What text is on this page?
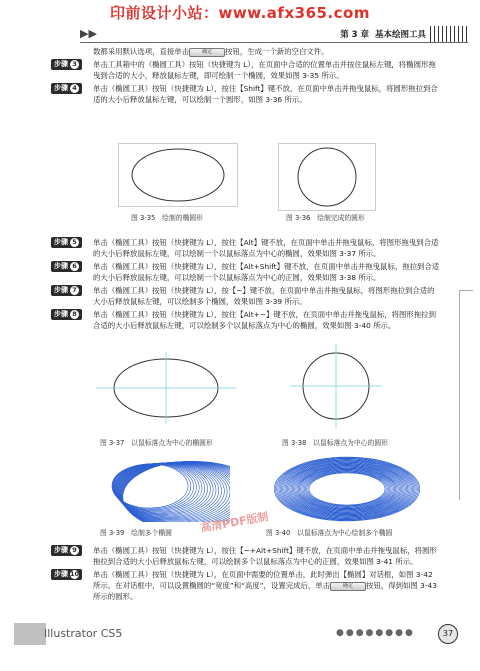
印前设计小站：www.afx365.com
▶▶	第 3 章 基本绘图工具

数都采用默认选项，直接单击	确定 按钮，生成一个新的空白文件。

步骤 3	单击工具箱中的（椭圆工具）按钮（快捷键为 L），在页面中合适的位置单击并按住鼠标左键，将椭圆形拖曳到合适的大小，释放鼠标左键，即可绘制一个椭圆，效果如图 3-35 所示。
步骤 4	单击（椭圆工具）按钮（快捷键为 L），按住【Shift】键不放，在页面中单击并拖曳鼠标，将圆形拖拉到合适的大小后释放鼠标左键，可以绘制一个圆形，如图 3-36 所示。
图 3-35　绘制的椭圆形	图 3-36　绘制完成的圆形
步骤 5	单击（椭圆工具）按钮（快捷键为 L），按住【Alt】键不放，在页面中单击并拖曳鼠标，将图形拖曳到合适的大小后释放鼠标左键，可以绘制一个以鼠标落点为中心的椭圆，效果如图 3-37 所示。
步骤 6	单击（椭圆工具）按钮（快捷键为 L），按住【Alt+Shift】键不放，在页面中单击并拖曳鼠标，拖拉到合适的大小后释放鼠标左键，可以绘制一个以鼠标落点为中心的正圆，效果如图 3-38 所示。
步骤 7	单击（椭圆工具）按钮（快捷键为 L），按【~】键不放，在页面中单击并拖曳鼠标，将图形拖拉到合适的大小后释放鼠标左键，可以绘制多个椭圆，效果如图 3-39 所示。
步骤 8	单击（椭圆工具）按钮（快捷键为 L），按住【Alt+~】键不放，在页面中单击并拖曳鼠标，将图形拖拉到合适的大小后释放鼠标左键，可以绘制多个以鼠标落点为中心的椭圆，效果如图 3-40 所示。
图 3-37　以鼠标落点为中心的椭圆形	图 3-38　以鼠标落点为中心的圆形
图 3-39　绘制多个椭圆	图 3-40　以鼠标落点为中心绘制多个椭圆
高清PDF版制
步骤 9	单击（椭圆工具）按钮（快捷键为 L），按住【~+Alt+Shift】键不放，在页面中单击并拖曳鼠标，将圆形拖拉到合适的大小后释放鼠标左键，可以绘制多个以鼠标落点为中心的正圆，效果如图 3-41 所示。
步骤 10 单击（椭圆工具）按钮（快捷键为 L），在页面中需要的位置单击，此时弹出【椭圆】对话框，如图 3-42 所示。在对话框中，可以设置椭圆的“宽度”和“高度”，设置完成后，单击	确定 按钮，得到如图 3-43 所示的圆形。
Illustrator CS5	●●●●●●●●	37
